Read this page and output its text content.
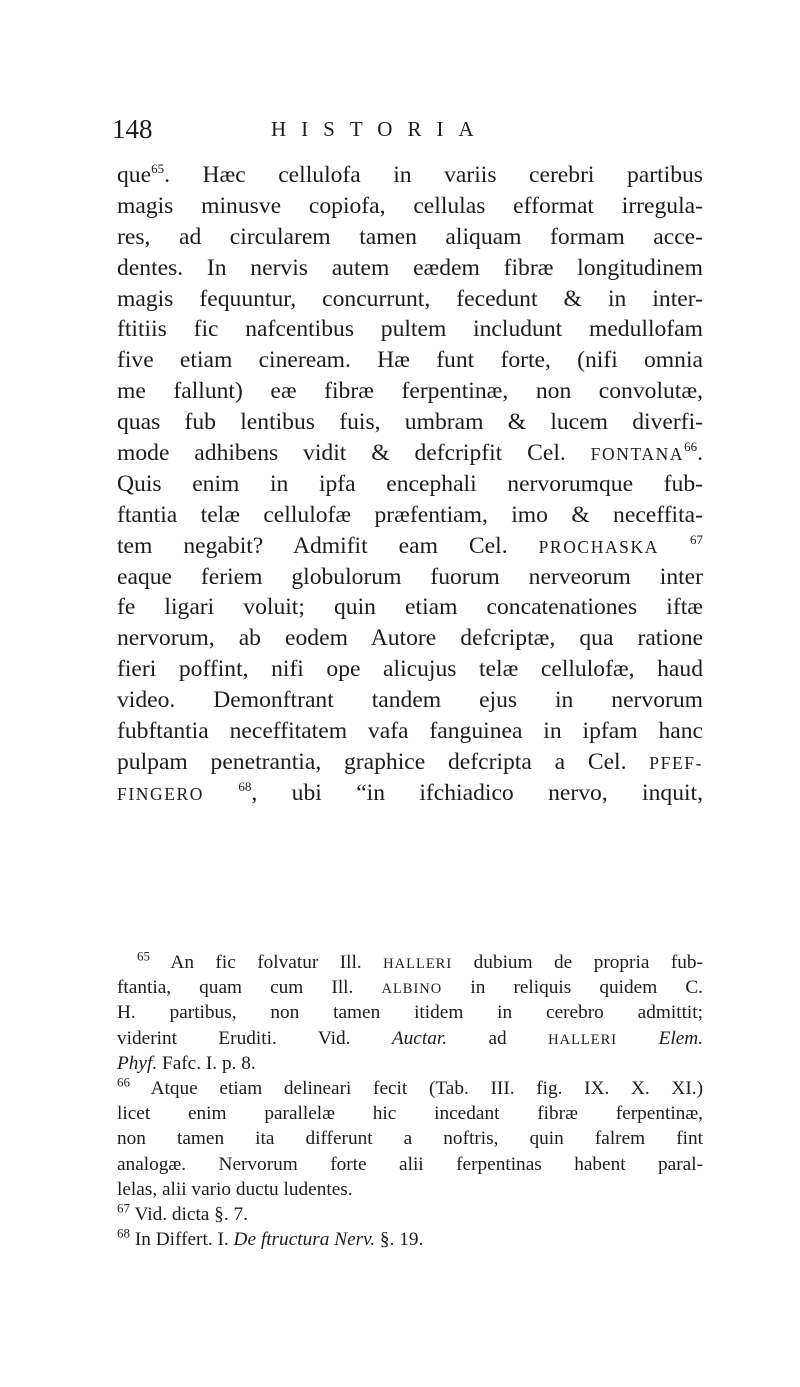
148	HISTORIA
que$^{65}$. Hæc cellulofa in variis cerebri partibus
magis minusve copiofa, cellulas efformat irregula-
res, ad circularem tamen aliquam formam acce-
dentes. In nervis autem eædem fibræ longitudinem
magis fequuntur, concurrunt, fecedunt & in inter-
ftitiis fic nafcentibus pultem includunt medullofam
five etiam cineream. Hæ funt forte, (nifi omnia
me fallunt) eæ fibræ ferpentinæ, non convolutæ,
quas fub lentibus fuis, umbram & lucem diverfi-
mode adhibens vidit & defcripfit Cel. FONTANA$^{66}$.
Quis enim in ipfa encephali nervorumque fub-
ftantia telæ cellulofæ præfentiam, imo & neceffita-
tem negabit? Admifit eam Cel. PROCHASKA $^{67}$
eaque feriem globulorum fuorum nerveorum inter
fe ligari voluit; quin etiam concatenationes iftæ
nervorum, ab eodem Autore defcriptæ, qua ratione
fieri poffint, nifi ope alicujus telæ cellulofæ, haud
video. Demonftrant tandem ejus in nervorum
fubftantia neceffitatem vafa fanguinea in ipfam hanc
pulpam penetrantia, graphice defcripta a Cel. PFEF-
FINGERO	$^{68}$, ubi “in ifchiadico nervo, inquit,
$^{65}$ An fic folvatur Ill. HALLERI dubium de propria fub-
ftantia, quam cum Ill. ALBINO in reliquis quidem C.
H. partibus, non tamen itidem in cerebro admittit;
viderint Eruditi. Vid. Auctar. ad	HALLERI Elem.
Phyf. Fafc. I. p. 8.
$^{66}$ Atque etiam delineari fecit (Tab. III. fig. IX. X. XI.)
licet enim parallelæ hic incedant fibræ ferpentinæ,
non tamen ita differunt a noftris, quin falrem fint
analogæ. Nervorum forte alii ferpentinas habent paral-
lelas, alii vario ductu ludentes.
$^{67}$ Vid. dicta §. 7.
$^{68}$ In Differt. I. De ftructura Nerv. §. 19.
